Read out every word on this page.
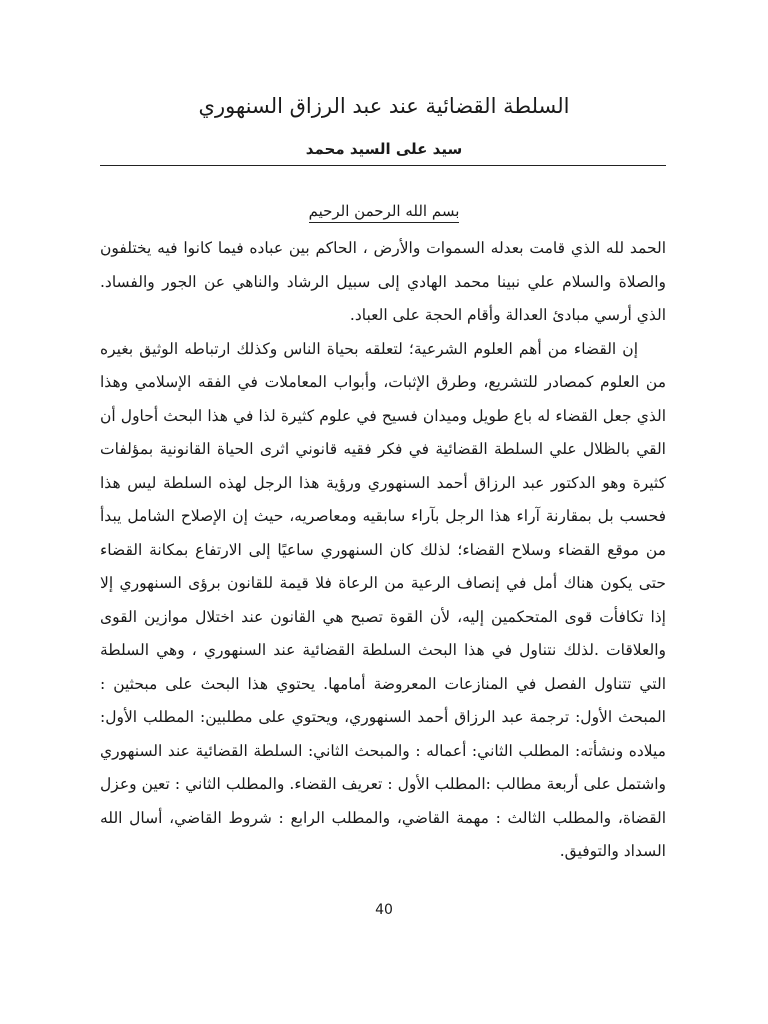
السلطة القضائية عند عبد الرزاق السنهوري
سيد على السيد محمد
بسم الله الرحمن الرحيم

الحمد لله الذي قامت بعدله السموات والأرض ، الحاكم بين عباده فيما كانوا فيه يختلفون والصلاة والسلام علي نبينا محمد الهادي إلى سبيل الرشاد والناهي عن الجور والفساد. الذي أرسي مبادئ العدالة وأقام الحجة على العباد.

إن القضاء من أهم العلوم الشرعية؛ لتعلقه بحياة الناس وكذلك ارتباطه الوثيق بغيره من العلوم كمصادر للتشريع، وطرق الإثبات، وأبواب المعاملات في الفقه الإسلامي وهذا الذي جعل القضاء له باع طويل وميدان فسيح في علوم كثيرة لذا في هذا البحث أحاول أن القي بالظلال علي السلطة القضائية في فكر فقيه قانوني اثرى الحياة القانونية بمؤلفات كثيرة وهو الدكتور عبد الرزاق أحمد السنهوري ورؤية هذا الرجل لهذه السلطة ليس هذا فحسب بل بمقارنة آراء هذا الرجل بآراء سابقيه ومعاصريه، حيث إن الإصلاح الشامل يبدأ من موقع القضاء وسلاح القضاء؛ لذلك كان السنهوري ساعيًا إلى الارتفاع بمكانة القضاء حتى يكون هناك أمل في إنصاف الرعية من الرعاة فلا قيمة للقانون برؤى السنهوري إلا إذا تكافأت قوى المتحكمين إليه، لأن القوة تصبح هي القانون عند اختلال موازين القوى والعلاقات .لذلك نتناول في هذا البحث السلطة القضائية عند السنهوري ، وهي السلطة التي تتناول الفصل في المنازعات المعروضة أمامها. يحتوي هذا البحث على مبحثين : المبحث الأول: ترجمة عبد الرزاق أحمد السنهوري، ويحتوي على مطلبين: المطلب الأول: ميلاده ونشأته: المطلب الثاني: أعماله : والمبحث الثاني: السلطة القضائية عند السنهوري واشتمل على أربعة مطالب :المطلب الأول : تعريف القضاء. والمطلب الثاني : تعين وعزل القضاة، والمطلب الثالث : مهمة القاضي، والمطلب الرابع : شروط القاضي، أسال الله السداد والتوفيق.

40
